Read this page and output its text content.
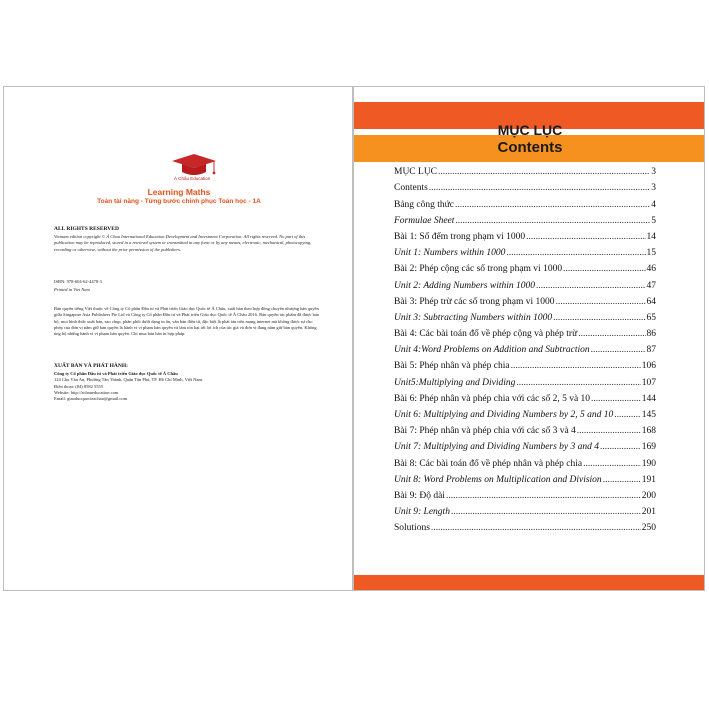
Á Châu Education
Learning Maths
Toán tài năng - Từng bước chinh phục Toán học - 1A
ALL RIGHTS RESERVED
Vietnam edition copyright © Á Chau International Education Development and Investment Corporation. All rights reserved. No part of this publication may be reproduced, stored in a retrieval system or transmitted in any form or by any means, electronic, mechanical, photocopying, recording or otherwise, without the prior permission of the publishers.
ISBN: 978-604-62-4478-3
Printed in Viet Nam
Bản quyền tiếng Việt thuộc về Công ty Cổ phần Đầu tư và Phát triển Giáo dục Quốc tế Á Châu, xuất bản theo hợp đồng chuyển nhượng bản quyền giữa Singapore Asia Publishers Pte Ltd và Công ty Cổ phần Đầu tư và Phát triển Giáo dục Quốc tế Á Châu 2016. Bản quyền tác phẩm đã được bảo hộ, mọi hình thức xuất bản, sao chụp, phân phối dưới dạng in ấn, văn bản điện tử, đặc biệt là phát tán trên mạng internet mà không được sự cho phép của đơn vị nắm giữ bản quyền là hành vi vi phạm bản quyền và làm tổn hại tới lợi ích của tác giả và đơn vị đang nắm giữ bản quyền. Không ủng hộ những hành vi vi phạm bản quyền. Chỉ mua bán bản in hợp pháp.
XUẤT BẢN VÀ PHÁT HÀNH:
Công ty Cổ phần Đầu tư và Phát triển Giáo dục Quốc tế Á Châu
124 Chu Văn An, Phường Tân Thành, Quận Tân Phú, TP. Hồ Chí Minh, Việt Nam.
Điện thoại: (84) 8582 5555
Website: http://achaueducation.com
Email: giaoducquocteachau@gmail.com
MỤC LỤC
Contents
MỤC LỤC .....	3
Contents .....	3
Bảng công thức .....	4
Formulae Sheet .....	5
Bài 1: Số đếm trong phạm vi 1000 .....	14
Unit 1: Numbers within 1000 .....	15
Bài 2: Phép cộng các số trong phạm vi 1000 .....	46
Unit 2: Adding Numbers within 1000 .....	47
Bài 3: Phép trừ các số trong phạm vi 1000 .....	64
Unit 3: Subtracting Numbers within 1000 .....	65
Bài 4: Các bài toán đố về phép cộng và phép trừ .....	86
Unit 4:Word Problems on Addition and Subtraction .....	87
Bài 5: Phép nhân và phép chia .....	106
Unit5:Multiplying and Dividing .....	107
Bài 6: Phép nhân và phép chia với các số 2, 5 và 10 .....	144
Unit 6: Multiplying and Dividing Numbers by 2, 5 and 10 .....	145
Bài 7: Phép nhân và phép chia với các số 3 và 4 .....	168
Unit 7: Multiplying and Dividing Numbers by 3 and 4 .....	169
Bài 8: Các bài toán đố về phép nhân và phép chia .....	190
Unit 8: Word Problems on Multiplication and Division .....	191
Bài 9: Độ dài .....	200
Unit 9: Length .....	201
Solutions .....	250
